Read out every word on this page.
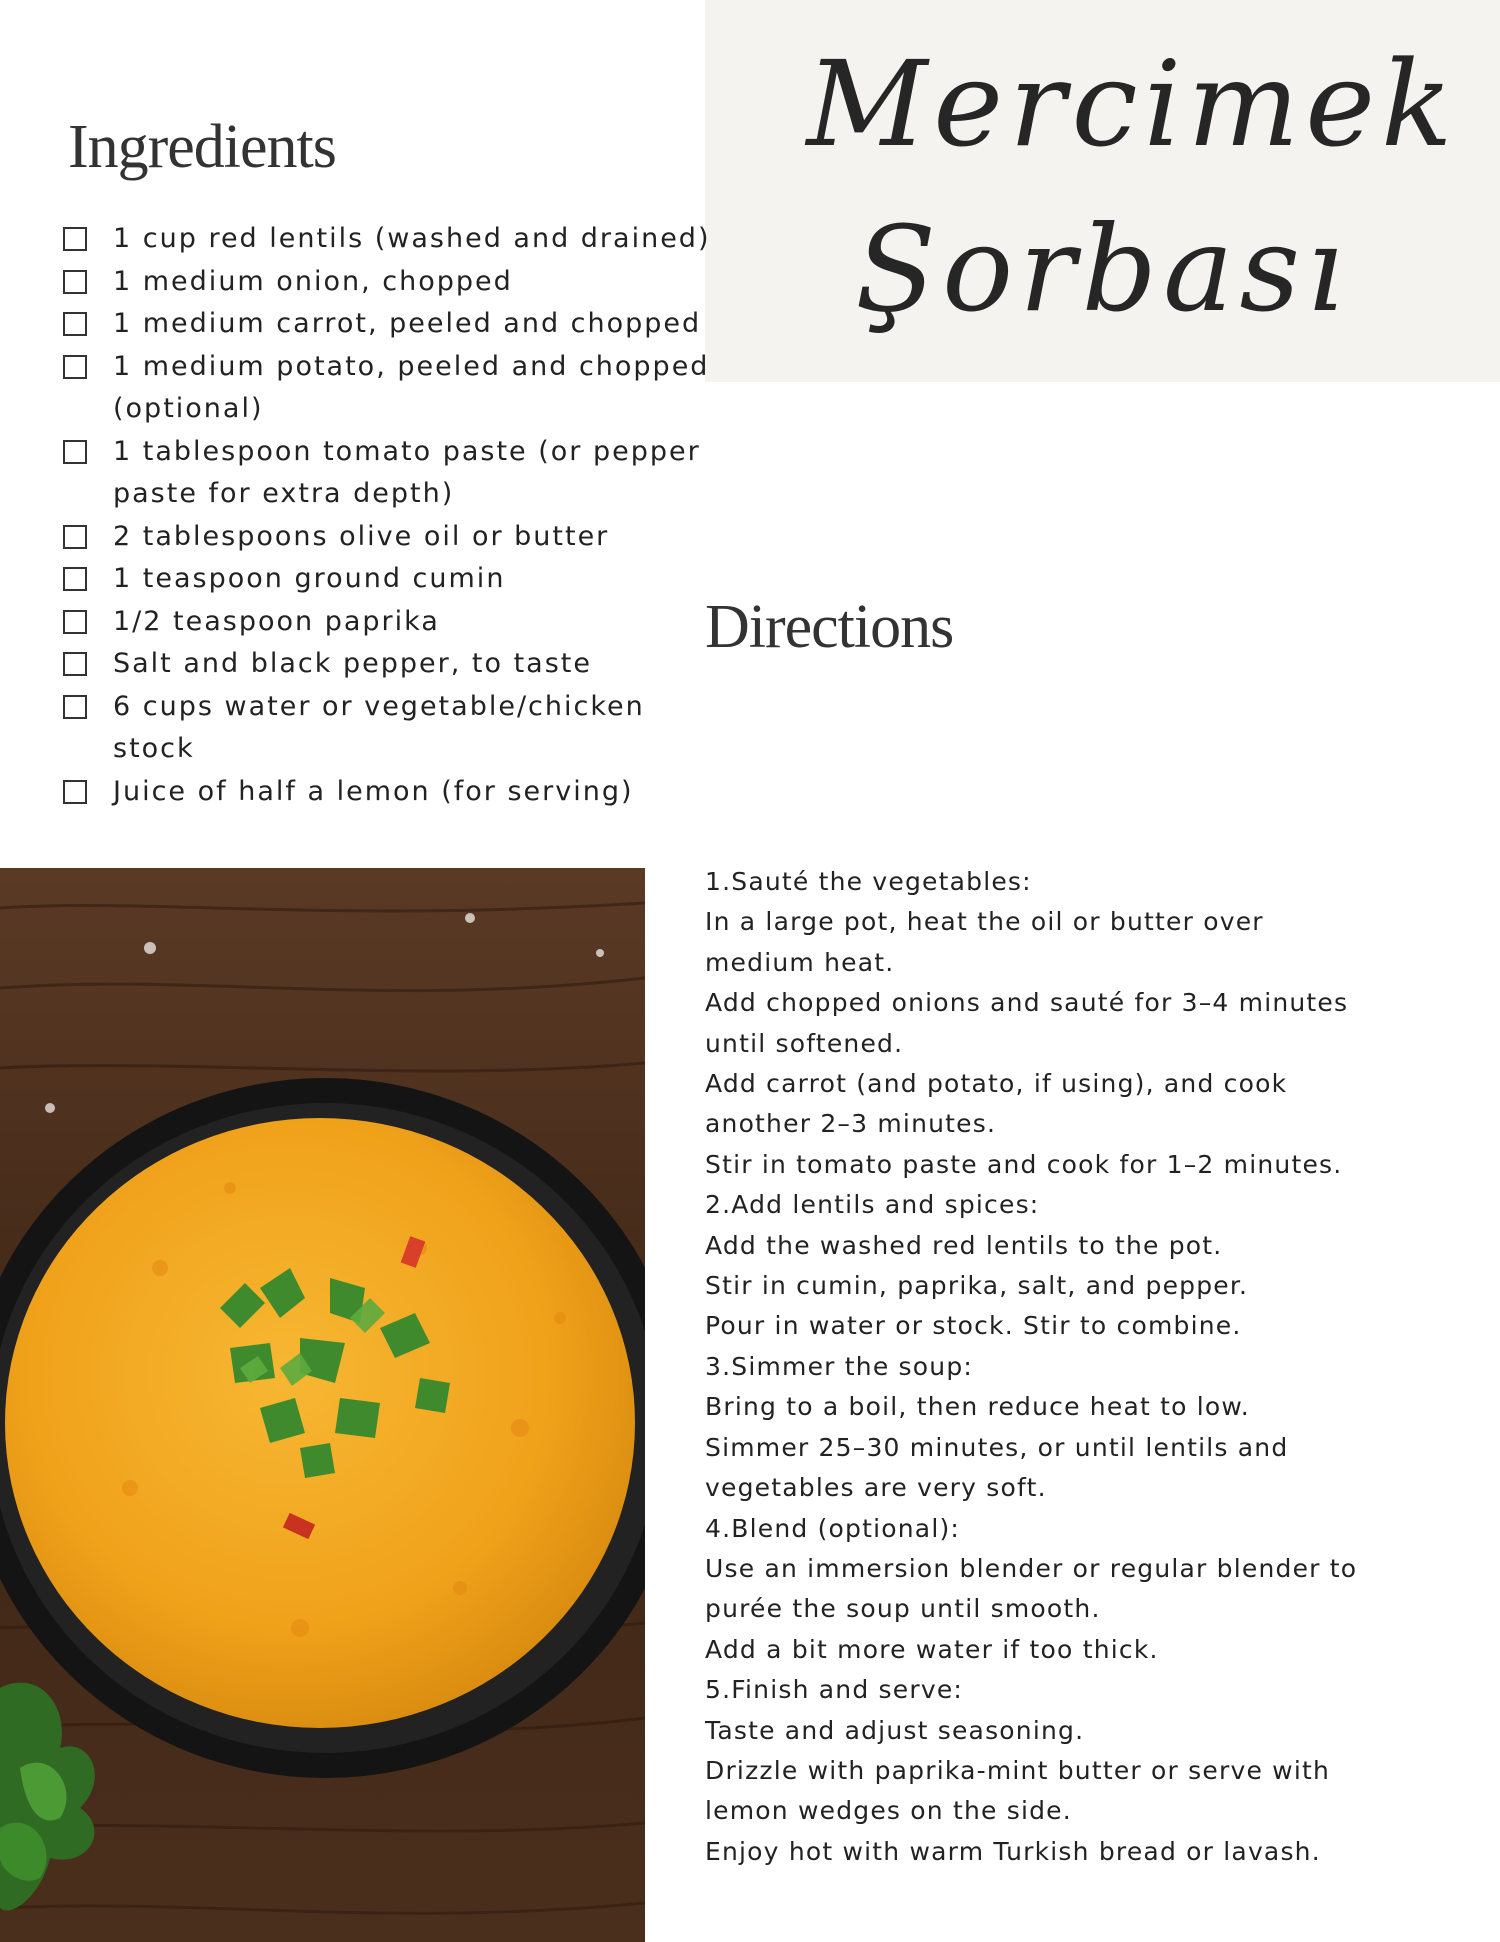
Mercimek
Şorbası
Ingredients
1 cup red lentils (washed and drained)
1 medium onion, chopped
1 medium carrot, peeled and chopped
1 medium potato, peeled and chopped (optional)
1 tablespoon tomato paste (or pepper paste for extra depth)
2 tablespoons olive oil or butter
1 teaspoon ground cumin
1/2 teaspoon paprika
Salt and black pepper, to taste
6 cups water or vegetable/chicken stock
Juice of half a lemon (for serving)
Directions
1.Sauté the vegetables:
In a large pot, heat the oil or butter over
medium heat.
Add chopped onions and sauté for 3–4 minutes
until softened.
Add carrot (and potato, if using), and cook
another 2–3 minutes.
Stir in tomato paste and cook for 1–2 minutes.
2.Add lentils and spices:
Add the washed red lentils to the pot.
Stir in cumin, paprika, salt, and pepper.
Pour in water or stock. Stir to combine.
3.Simmer the soup:
Bring to a boil, then reduce heat to low.
Simmer 25–30 minutes, or until lentils and
vegetables are very soft.
4.Blend (optional):
Use an immersion blender or regular blender to
purée the soup until smooth.
Add a bit more water if too thick.
5.Finish and serve:
Taste and adjust seasoning.
Drizzle with paprika-mint butter or serve with
lemon wedges on the side.
Enjoy hot with warm Turkish bread or lavash.
